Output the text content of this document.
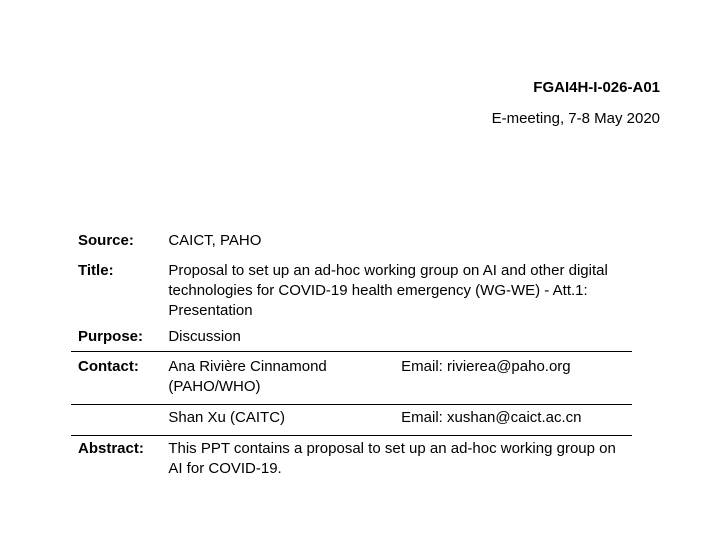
FGAI4H-I-026-A01
E-meeting, 7-8 May 2020
Source:	CAICT, PAHO	
Title:	Proposal to set up an ad-hoc working group on AI and other digital technologies for COVID-19 health emergency (WG-WE) - Att.1: Presentation	
Purpose:	Discussion	
Contact:	Ana Rivière Cinnamond (PAHO/WHO)	Email: rivierea@paho.org
	Shan Xu (CAITC)	Email: xushan@caict.ac.cn
Abstract:	This PPT contains a proposal to set up an ad-hoc working group on AI for COVID-19.	
